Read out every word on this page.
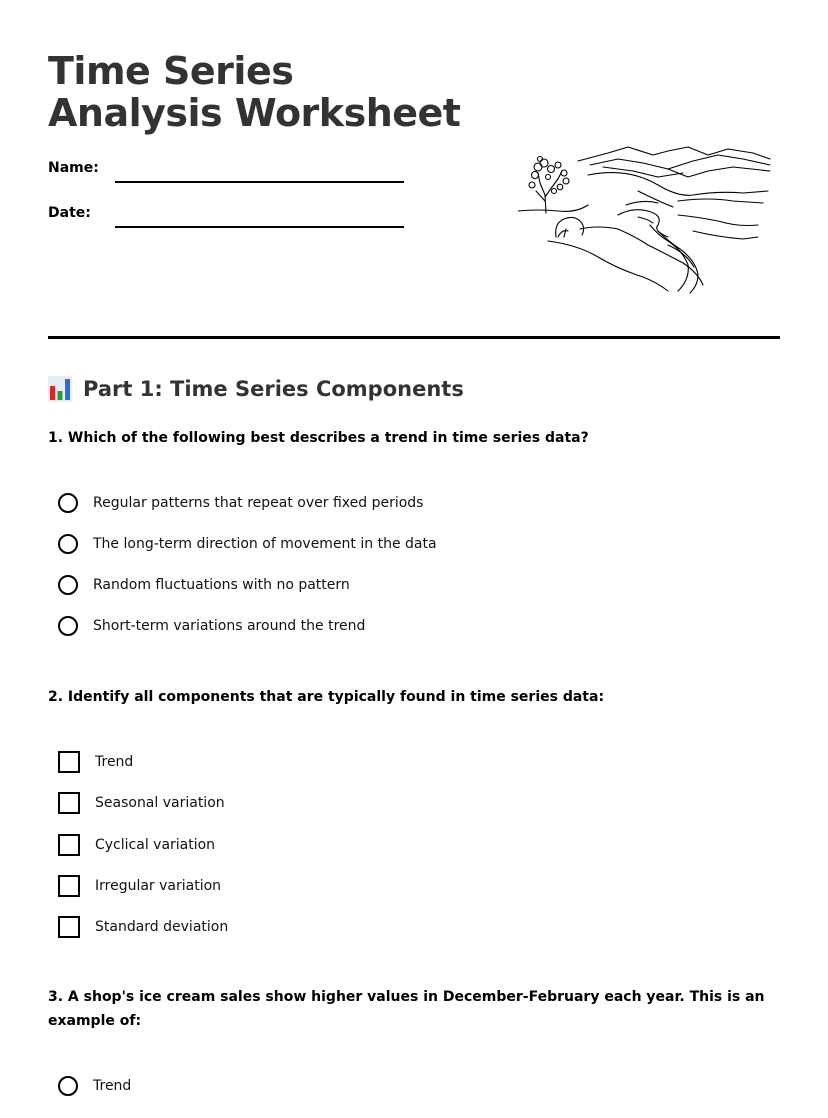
Time Series Analysis Worksheet
Name:
Date:
Part 1: Time Series Components
1. Which of the following best describes a trend in time series data?
Regular patterns that repeat over fixed periods
The long-term direction of movement in the data
Random fluctuations with no pattern
Short-term variations around the trend
2. Identify all components that are typically found in time series data:
Trend
Seasonal variation
Cyclical variation
Irregular variation
Standard deviation
3. A shop's ice cream sales show higher values in December-February each year. This is an example of:
Trend
